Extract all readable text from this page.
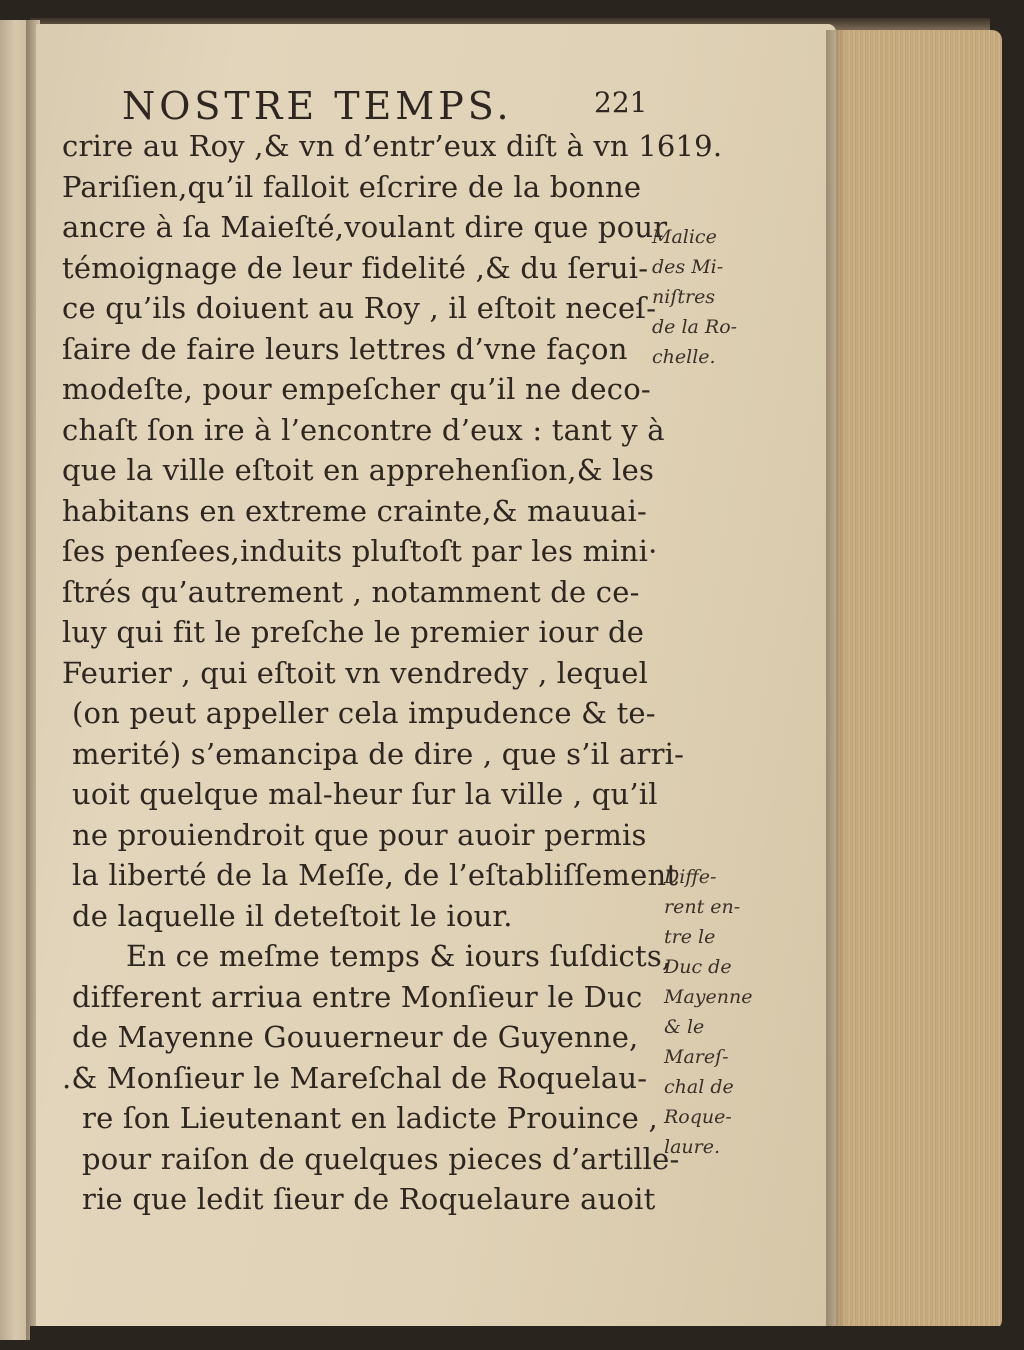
NOSTRE TEMPS.	221
crire au Roy ,& vn d’entr’eux diſt à vn 1619.
Pariſien,qu’il falloit eſcrire de la bonne
ancre à ſa Maieſté,voulant dire que pour
témoignage de leur fidelité ,& du ſerui-
ce qu’ils doiuent au Roy , il eſtoit neceſ-
ſaire de faire leurs lettres d’vne façon
modeſte, pour empeſcher qu’il ne deco-
chaſt ſon ire à l’encontre d’eux : tant y à
que la ville eſtoit en apprehenſion,& les
habitans en extreme crainte,& mauuai-
ſes penſees,induits pluſtoſt par les mini·
ſtrés qu’autrement , notamment de ce-
luy qui fit le preſche le premier iour de
Feurier , qui eſtoit vn vendredy , lequel
(on peut appeller cela impudence & te-
merité) s’emancipa de dire , que s’il arri-
uoit quelque mal-heur ſur la ville , qu’il
ne prouiendroit que pour auoir permis
la liberté de la Meſſe, de l’eſtabliſſement
de laquelle il deteſtoit le iour.
En ce meſme temps & iours ſuſdicts,
different arriua entre Monſieur le Duc
de Mayenne Gouuerneur de Guyenne,
.& Monſieur le Mareſchal de Roquelau-
re ſon Lieutenant en ladicte Prouince ,
pour raiſon de quelques pieces d’artille-
rie que ledit ſieur de Roquelaure auoit
Malice
des Mi-
niſtres
de la Ro-
chelle.
Diffe-
rent en-
tre le
Duc de
Mayenne
& le
Mareſ-
chal de
Roque-
laure.
